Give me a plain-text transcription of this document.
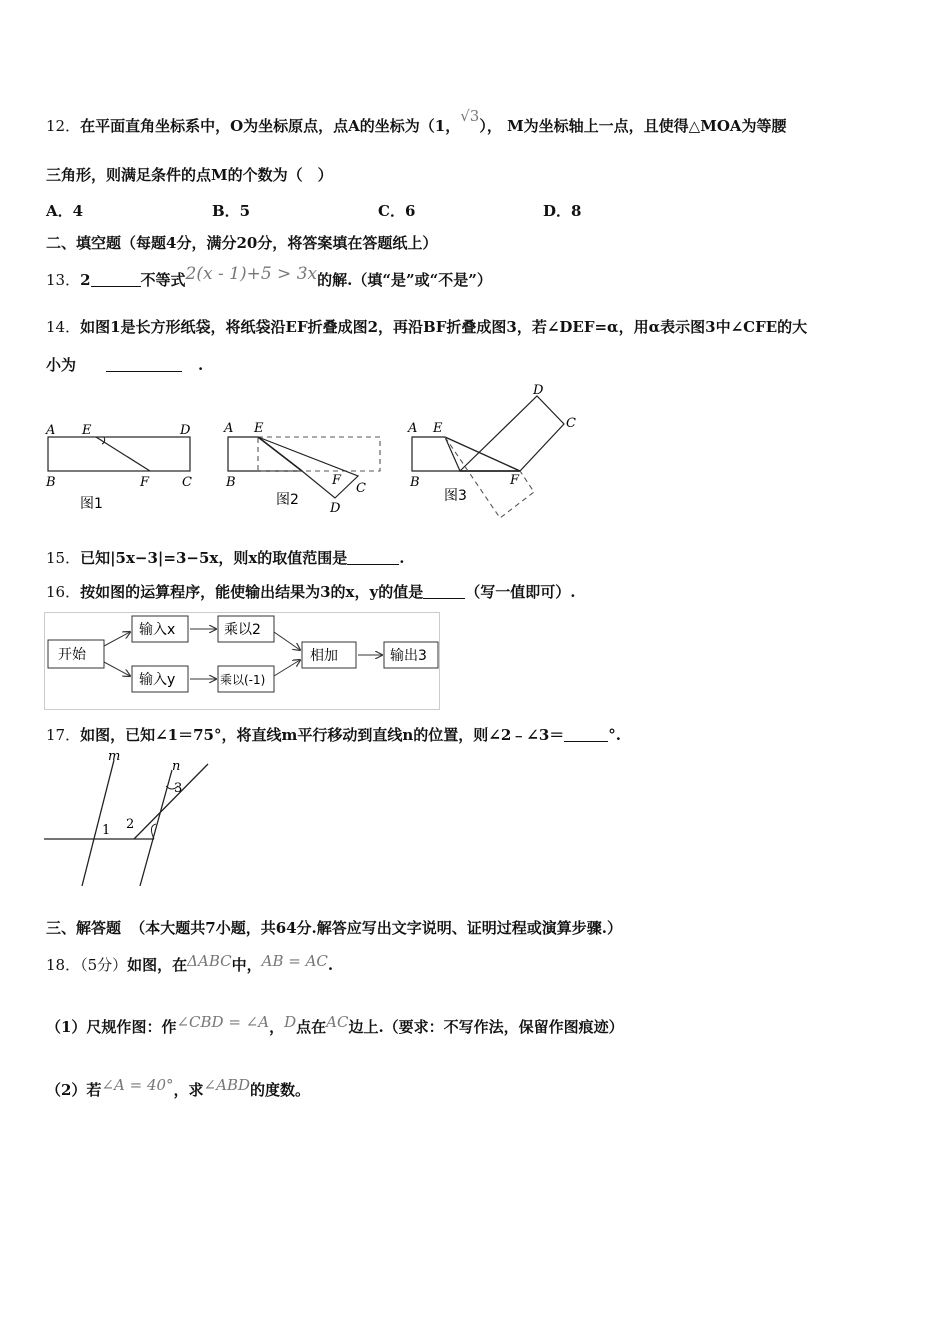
12．在平面直角坐标系中，O为坐标原点，点A的坐标为（1，√3）， M为坐标轴上一点，且使得△MOA为等腰
三角形，则满足条件的点M的个数为（　）
A．4	B．5	C．6	D．8
二、填空题（每题4分，满分20分，将答案填在答题纸上）
13．2	不等式2(x - 1)+5 > 3x的解.（填“是”或“不是”）
14．如图1是长方形纸袋，将纸袋沿EF折叠成图2，再沿BF折叠成图3，若∠DEF=α，用α表示图3中∠CFE的大
小为	.
A E	D
B	F	C
图1
A E
B	F
C
D
图2
A E
B	F
D
C
图3
15．已知|5x−3|=3−5x，则x的取值范围是	.
16．按如图的运算程序，能使输出结果为3的x，y的值是	（写一值即可）.
开始
输入x	乘以2
输入y	乘以(-1)
相加	输出3
17．如图，已知∠1＝75°，将直线m平行移动到直线n的位置，则∠2﹣∠3＝	°.
m
n
1 2
3
三、解答题 （本大题共7小题，共64分.解答应写出文字说明、证明过程或演算步骤.）
18．（5分）如图，在ΔABC中，AB = AC.
（1）尺规作图：作∠CBD = ∠A，D点在AC边上.（要求：不写作法，保留作图痕迹）
（2）若∠A = 40°，求∠ABD的度数。
